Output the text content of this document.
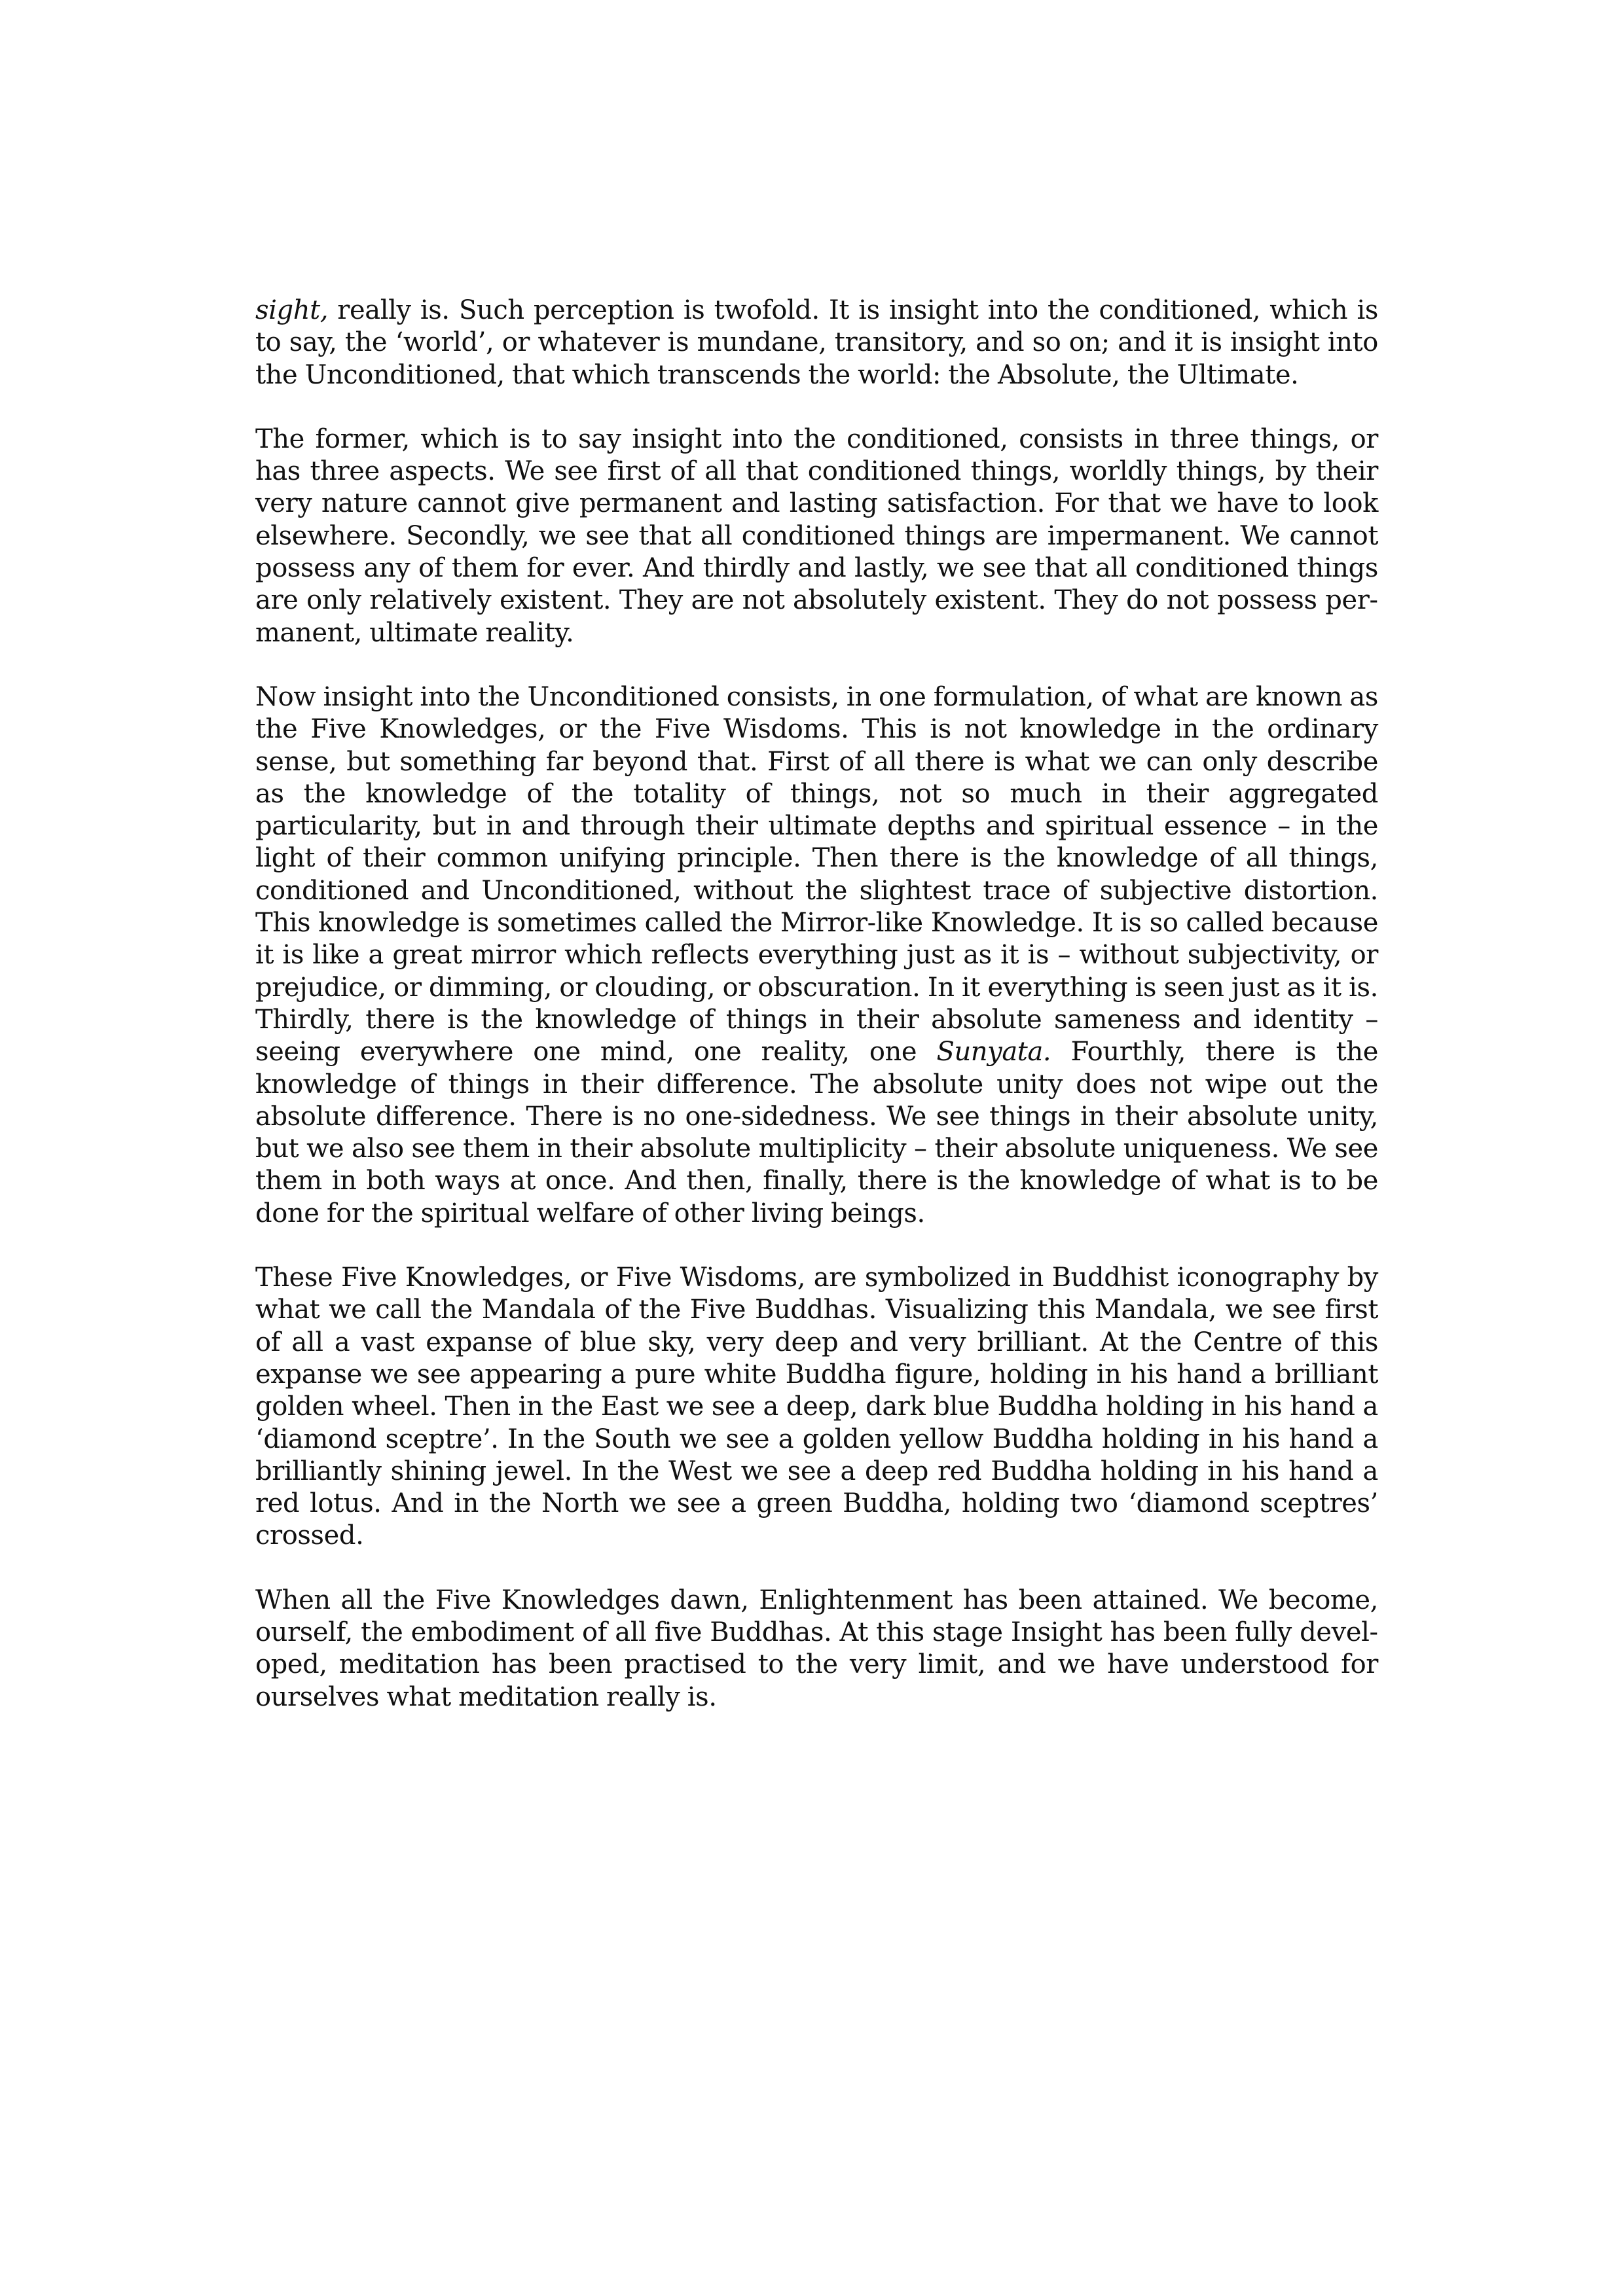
sight, really is. Such perception is twofold. It is insight into the conditioned, which is to say, the ‘world’, or whatever is mundane, transitory, and so on; and it is insight into the Unconditioned, that which transcends the world: the Absolute, the Ultimate.

The former, which is to say insight into the conditioned, consists in three things, or has three aspects. We see first of all that conditioned things, worldly things, by their very nature cannot give permanent and lasting satisfaction. For that we have to look elsewhere. Secondly, we see that all conditioned things are impermanent. We cannot possess any of them for ever. And thirdly and lastly, we see that all conditioned things are only relatively existent. They are not absolutely existent. They do not possess permanent, ultimate reality.

Now insight into the Unconditioned consists, in one formulation, of what are known as the Five Knowledges, or the Five Wisdoms. This is not knowledge in the ordinary sense, but something far beyond that. First of all there is what we can only describe as the knowledge of the totality of things, not so much in their aggregated particularity, but in and through their ultimate depths and spiritual essence – in the light of their common unifying principle. Then there is the knowledge of all things, conditioned and Unconditioned, without the slightest trace of subjective distortion. This knowledge is sometimes called the Mirror-like Knowledge. It is so called because it is like a great mirror which reflects everything just as it is – without subjectivity, or prejudice, or dimming, or clouding, or obscuration. In it everything is seen just as it is. Thirdly, there is the knowledge of things in their absolute sameness and identity – seeing everywhere one mind, one reality, one Sunyata. Fourthly, there is the knowledge of things in their difference. The absolute unity does not wipe out the absolute difference. There is no one-sidedness. We see things in their absolute unity, but we also see them in their absolute multiplicity – their absolute uniqueness. We see them in both ways at once. And then, finally, there is the knowledge of what is to be done for the spiritual welfare of other living beings.

These Five Knowledges, or Five Wisdoms, are symbolized in Buddhist iconography by what we call the Mandala of the Five Buddhas. Visualizing this Mandala, we see first of all a vast expanse of blue sky, very deep and very brilliant. At the Centre of this expanse we see appearing a pure white Buddha figure, holding in his hand a brilliant golden wheel. Then in the East we see a deep, dark blue Buddha holding in his hand a ‘diamond sceptre’. In the South we see a golden yellow Buddha holding in his hand a brilliantly shining jewel. In the West we see a deep red Buddha holding in his hand a red lotus. And in the North we see a green Buddha, holding two ‘diamond sceptres’ crossed.

When all the Five Knowledges dawn, Enlightenment has been attained. We become, ourself, the embodiment of all five Buddhas. At this stage Insight has been fully developed, meditation has been practised to the very limit, and we have understood for ourselves what meditation really is.
